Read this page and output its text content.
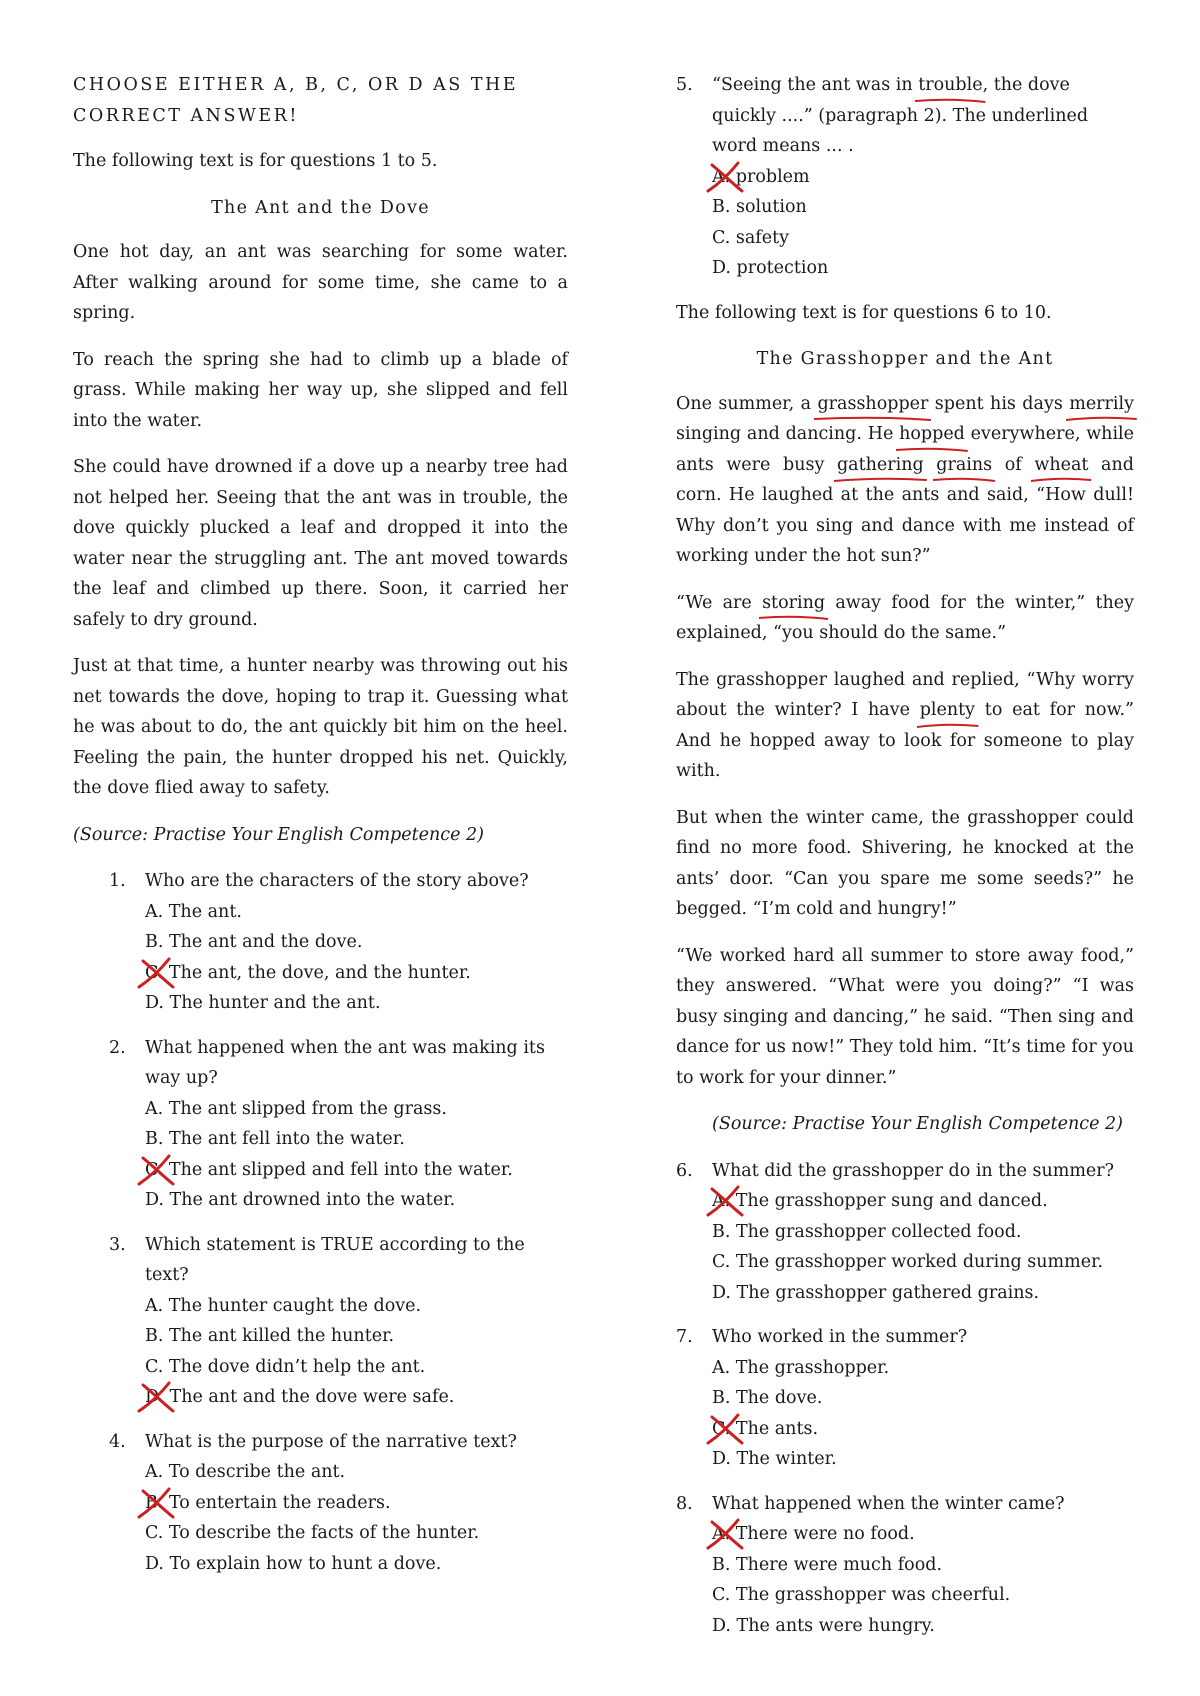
CHOOSE EITHER A, B, C, OR D AS THE
CORRECT ANSWER!

The following text is for questions 1 to 5.

The Ant and the Dove

One hot day, an ant was searching for some water. After walking around for some time, she came to a spring.

To reach the spring she had to climb up a blade of grass. While making her way up, she slipped and fell into the water.

She could have drowned if a dove up a nearby tree had not helped her. Seeing that the ant was in trouble, the dove quickly plucked a leaf and dropped it into the water near the struggling ant. The ant moved towards the leaf and climbed up there. Soon, it carried her safely to dry ground.

Just at that time, a hunter nearby was throwing out his net towards the dove, hoping to trap it. Guessing what he was about to do, the ant quickly bit him on the heel. Feeling the pain, the hunter dropped his net. Quickly, the dove flied away to safety.

(Source: Practise Your English Competence 2)

1. Who are the characters of the story above?
A. The ant.
B. The ant and the dove.
C. The ant, the dove, and the hunter.
D. The hunter and the ant.
2. What happened when the ant was making its way up?
A. The ant slipped from the grass.
B. The ant fell into the water.
C. The ant slipped and fell into the water.
D. The ant drowned into the water.
3. Which statement is TRUE according to the text?
A. The hunter caught the dove.
B. The ant killed the hunter.
C. The dove didn’t help the ant.
D. The ant and the dove were safe.
4. What is the purpose of the narrative text?
A. To describe the ant.
B. To entertain the readers.
C. To describe the facts of the hunter.
D. To explain how to hunt a dove.
5. “Seeing the ant was in trouble
, the dove quickly ....” (paragraph 2). The underlined word means ... .
A. problem
B. solution
C. safety
D. protection

The following text is for questions 6 to 10.

The Grasshopper and the Ant

One summer, a grasshopper
spent his days merrily
singing and dancing. He hopped
everywhere, while ants were busy gathering grains
of wheat
and corn. He laughed at the ants and said, “How dull! Why don’t you sing and dance with me instead of working under the hot sun?”

“We are storing
away food for the winter,” they explained, “you should do the same.”

The grasshopper laughed and replied, “Why worry about the winter? I have plenty
to eat for now.” And he hopped away to look for someone to play with.

But when the winter came, the grasshopper could find no more food. Shivering, he knocked at the ants’ door. “Can you spare me some seeds?” he begged. “I’m cold and hungry!”

“We worked hard all summer to store away food,” they answered. “What were you doing?” “I was busy singing and dancing,” he said. “Then sing and dance for us now!” They told him. “It’s time for you to work for your dinner.”

(Source: Practise Your English Competence 2)

6. What did the grasshopper do in the summer?
A. The grasshopper sung and danced.
B. The grasshopper collected food.
C. The grasshopper worked during summer.
D. The grasshopper gathered grains.
7. Who worked in the summer?
A. The grasshopper.
B. The dove.
C. The ants.
D. The winter.
8. What happened when the winter came?
A. There were no food.
B. There were much food.
C. The grasshopper was cheerful.
D. The ants were hungry.
